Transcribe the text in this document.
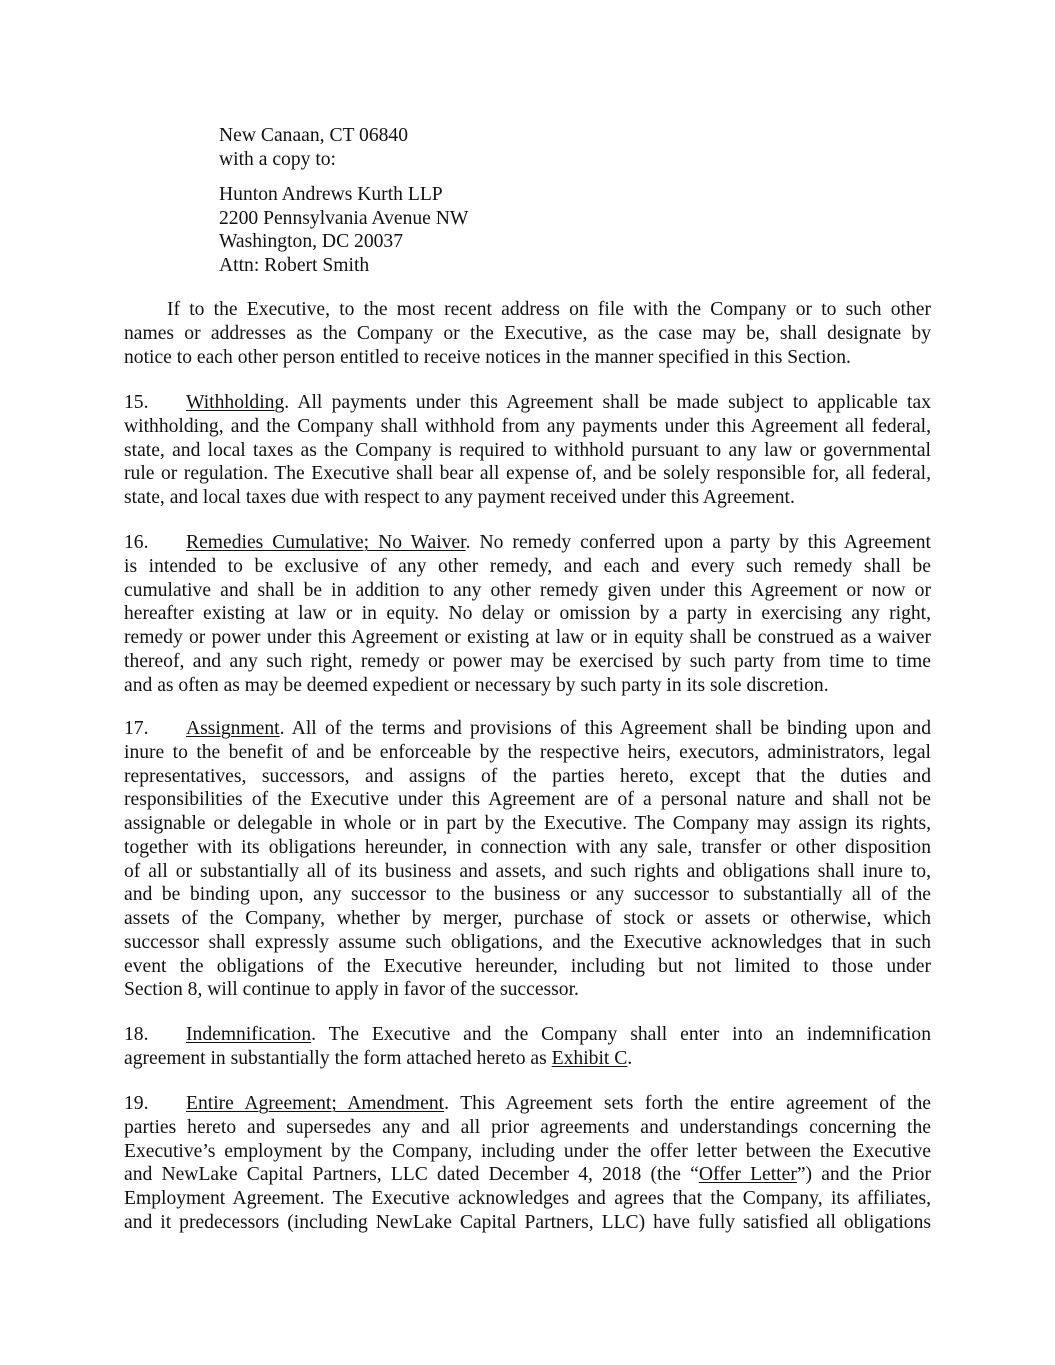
New Canaan, CT 06840
with a copy to:
Hunton Andrews Kurth LLP
2200 Pennsylvania Avenue NW
Washington, DC 20037
Attn: Robert Smith
If to the Executive, to the most recent address on file with the Company or to such other
names or addresses as the Company or the Executive, as the case may be, shall designate by
notice to each other person entitled to receive notices in the manner specified in this Section.
15. Withholding. All payments under this Agreement shall be made subject to applicable tax
withholding, and the Company shall withhold from any payments under this Agreement all federal,
state, and local taxes as the Company is required to withhold pursuant to any law or governmental
rule or regulation. The Executive shall bear all expense of, and be solely responsible for, all federal,
state, and local taxes due with respect to any payment received under this Agreement.
16. Remedies Cumulative; No Waiver. No remedy conferred upon a party by this Agreement
is intended to be exclusive of any other remedy, and each and every such remedy shall be
cumulative and shall be in addition to any other remedy given under this Agreement or now or
hereafter existing at law or in equity. No delay or omission by a party in exercising any right,
remedy or power under this Agreement or existing at law or in equity shall be construed as a waiver
thereof, and any such right, remedy or power may be exercised by such party from time to time
and as often as may be deemed expedient or necessary by such party in its sole discretion.
17. Assignment. All of the terms and provisions of this Agreement shall be binding upon and
inure to the benefit of and be enforceable by the respective heirs, executors, administrators, legal
representatives, successors, and assigns of the parties hereto, except that the duties and
responsibilities of the Executive under this Agreement are of a personal nature and shall not be
assignable or delegable in whole or in part by the Executive. The Company may assign its rights,
together with its obligations hereunder, in connection with any sale, transfer or other disposition
of all or substantially all of its business and assets, and such rights and obligations shall inure to,
and be binding upon, any successor to the business or any successor to substantially all of the
assets of the Company, whether by merger, purchase of stock or assets or otherwise, which
successor shall expressly assume such obligations, and the Executive acknowledges that in such
event the obligations of the Executive hereunder, including but not limited to those under
Section 8, will continue to apply in favor of the successor.
18. Indemnification. The Executive and the Company shall enter into an indemnification
agreement in substantially the form attached hereto as Exhibit C.
19. Entire Agreement; Amendment. This Agreement sets forth the entire agreement of the
parties hereto and supersedes any and all prior agreements and understandings concerning the
Executive’s employment by the Company, including under the offer letter between the Executive
and NewLake Capital Partners, LLC dated December 4, 2018 (the “Offer Letter”) and the Prior
Employment Agreement. The Executive acknowledges and agrees that the Company, its affiliates,
and it predecessors (including NewLake Capital Partners, LLC) have fully satisfied all obligations
